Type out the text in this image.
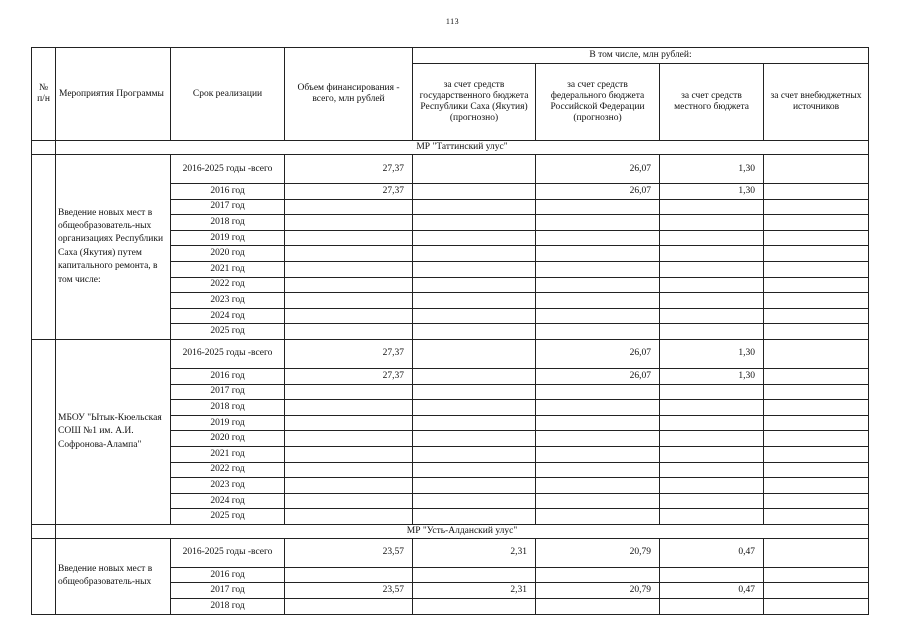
113
№ п/н	Мероприятия Программы	Срок реализации	Объем финансирования - всего, млн рублей	В том числе, млн рублей:			
				за счет средств государственного бюджета Республики Саха (Якутия) (прогнозно)	за счет средств федерального бюджета Российской Федерации (прогнозно)	за счет средств местного бюджета	за счет внебюджетных источников
	МР "Таттинский улус"						

	Введение новых мест в общеобразователь-ных организациях Республики Саха (Якутия) путем капитального ремонта, в том числе:	2016-2025 годы -всего	27,37		26,07	1,30	
		2016 год	27,37		26,07	1,30	
		2017 год					
		2018 год					
		2019 год					
		2020 год					
		2021 год					
		2022 год					
		2023 год					
		2024 год					
		2025 год					

	МБОУ "Ытык-Кюельская СОШ №1 им. А.И. Софронова-Алампа"	2016-2025 годы -всего	27,37		26,07	1,30	
		2016 год	27,37		26,07	1,30	
		2017 год					
		2018 год					
		2019 год					
		2020 год					
		2021 год					
		2022 год					
		2023 год					
		2024 год					
		2025 год					
	МР "Усть-Алданский улус"						

	Введение новых мест в общеобразователь-ных	2016-2025 годы -всего	23,57	2,31	20,79	0,47	
		2016 год					
		2017 год	23,57	2,31	20,79	0,47	
		2018 год					
